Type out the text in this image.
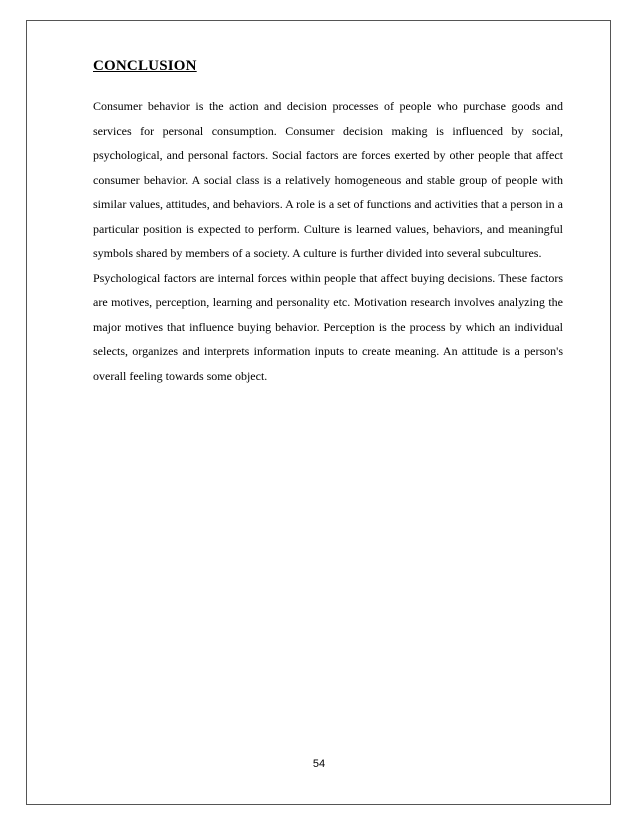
CONCLUSION

Consumer behavior is the action and decision processes of people who purchase goods and services for personal consumption. Consumer decision making is influenced by social, psychological, and personal factors. Social factors are forces exerted by other people that affect consumer behavior. A social class is a relatively homogeneous and stable group of people with similar values, attitudes, and behaviors. A role is a set of functions and activities that a person in a particular position is expected to perform. Culture is learned values, behaviors, and meaningful symbols shared by members of a society. A culture is further divided into several subcultures.

Psychological factors are internal forces within people that affect buying decisions. These factors are motives, perception, learning and personality etc. Motivation research involves analyzing the major motives that influence buying behavior. Perception is the process by which an individual selects, organizes and interprets information inputs to create meaning. An attitude is a person's overall feeling towards some object.

54
